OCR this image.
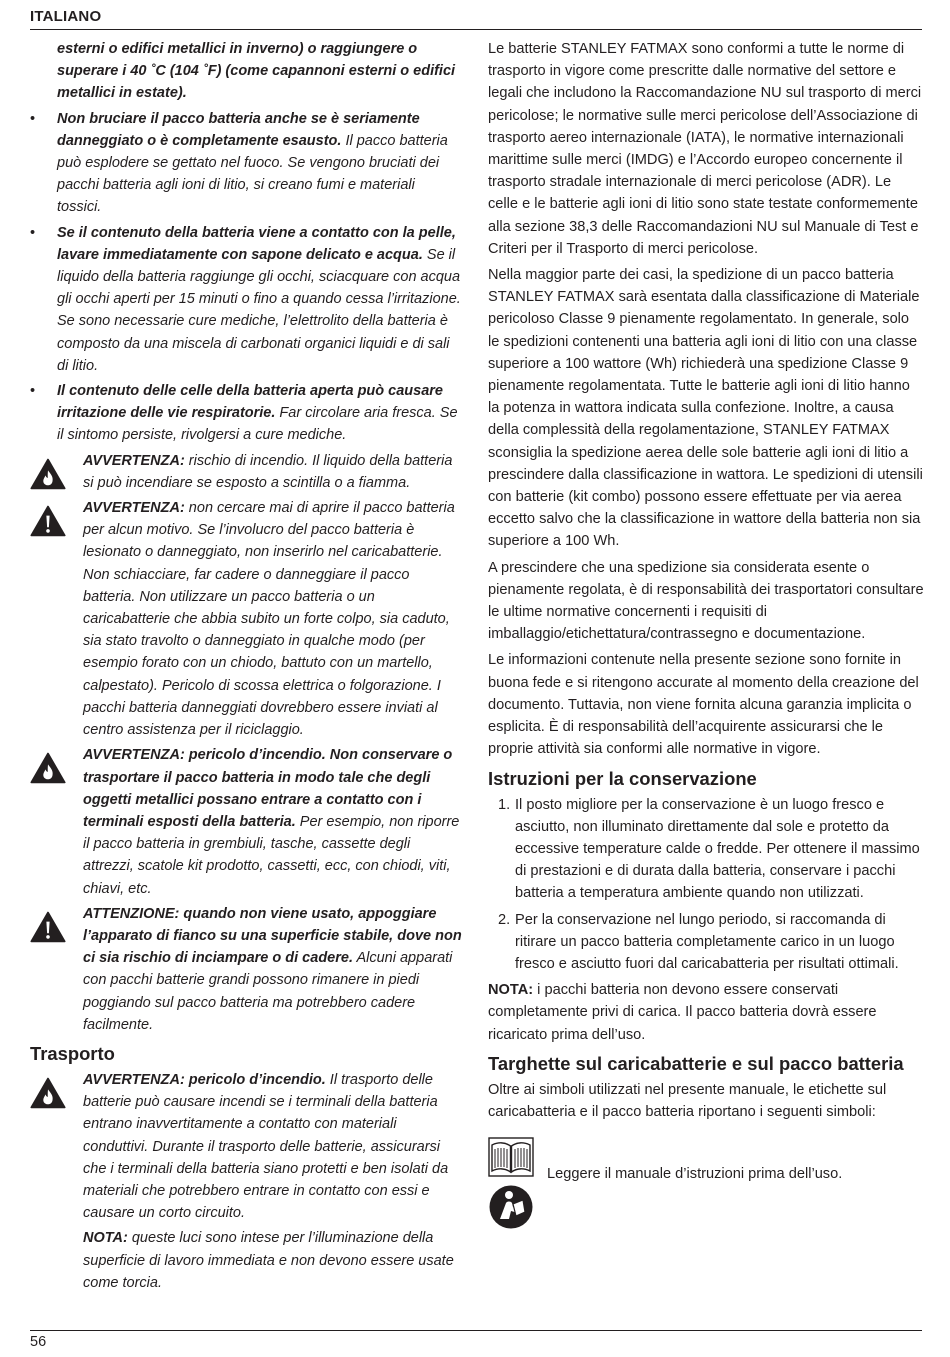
ITALIANO

esterni o edifici metallici in inverno) o raggiungere o superare i 40 ˚C (104 ˚F) (come capannoni esterni o edifici metallici in estate).

• Non bruciare il pacco batteria anche se è seriamente danneggiato o è completamente esausto. Il pacco batteria può esplodere se gettato nel fuoco. Se vengono bruciati dei pacchi batteria agli ioni di litio, si creano fumi e materiali tossici.
• Se il contenuto della batteria viene a contatto con la pelle, lavare immediatamente con sapone delicato e acqua. Se il liquido della batteria raggiunge gli occhi, sciacquare con acqua gli occhi aperti per 15 minuti o fino a quando cessa l’irritazione. Se sono necessarie cure mediche, l’elettrolito della batteria è composto da una miscela di carbonati organici liquidi e di sali di litio.
• Il contenuto delle celle della batteria aperta può causare irritazione delle vie respiratorie. Far circolare aria fresca. Se il sintomo persiste, rivolgersi a cure mediche.
AVVERTENZA: rischio di incendio. Il liquido della batteria si può incendiare se esposto a scintilla o a fiamma.
AVVERTENZA: non cercare mai di aprire il pacco batteria per alcun motivo. Se l’involucro del pacco batteria è lesionato o danneggiato, non inserirlo nel caricabatterie. Non schiacciare, far cadere o danneggiare il pacco batteria. Non utilizzare un pacco batteria o un caricabatterie che abbia subito un forte colpo, sia caduto, sia stato travolto o danneggiato in qualche modo (per esempio forato con un chiodo, battuto con un martello, calpestato). Pericolo di scossa elettrica o folgorazione. I pacchi batteria danneggiati dovrebbero essere inviati al centro assistenza per il riciclaggio.
AVVERTENZA: pericolo d’incendio. Non conservare o trasportare il pacco batteria in modo tale che degli oggetti metallici possano entrare a contatto con i terminali esposti della batteria. Per esempio, non riporre il pacco batteria in grembiuli, tasche, cassette degli attrezzi, scatole kit prodotto, cassetti, ecc, con chiodi, viti, chiavi, etc.
ATTENZIONE: quando non viene usato, appoggiare l’apparato di fianco su una superficie stabile, dove non ci sia rischio di inciampare o di cadere. Alcuni apparati con pacchi batterie grandi possono rimanere in piedi poggiando sul pacco batteria ma potrebbero cadere facilmente.
Trasporto
AVVERTENZA: pericolo d’incendio. Il trasporto delle batterie può causare incendi se i terminali della batteria entrano inavvertitamente a contatto con materiali conduttivi. Durante il trasporto delle batterie, assicurarsi che i terminali della batteria siano protetti e ben isolati da materiali che potrebbero entrare in contatto con essi e causare un corto circuito.

NOTA: queste luci sono intese per l’illuminazione della superficie di lavoro immediata e non devono essere usate come torcia.

Le batterie STANLEY FATMAX sono conformi a tutte le norme di trasporto in vigore come prescritte dalle normative del settore e legali che includono la Raccomandazione NU sul trasporto di merci pericolose; le normative sulle merci pericolose dell’Associazione di trasporto aereo internazionale (IATA), le normative internazionali marittime sulle merci (IMDG) e l’Accordo europeo concernente il trasporto stradale internazionale di merci pericolose (ADR). Le celle e le batterie agli ioni di litio sono state testate conformemente alla sezione 38,3 delle Raccomandazioni NU sul Manuale di Test e Criteri per il Trasporto di merci pericolose.

Nella maggior parte dei casi, la spedizione di un pacco batteria STANLEY FATMAX sarà esentata dalla classificazione di Materiale pericoloso Classe 9 pienamente regolamentato. In generale, solo le spedizioni contenenti una batteria agli ioni di litio con una classe superiore a 100 wattore (Wh) richiederà una spedizione Classe 9 pienamente regolamentata. Tutte le batterie agli ioni di litio hanno la potenza in wattora indicata sulla confezione. Inoltre, a causa della complessità della regolamentazione, STANLEY FATMAX sconsiglia la spedizione aerea delle sole batterie agli ioni di litio a prescindere dalla classificazione in wattora. Le spedizioni di utensili con batterie (kit combo) possono essere effettuate per via aerea eccetto salvo che la classificazione in wattore della batteria non sia superiore a 100 Wh.

A prescindere che una spedizione sia considerata esente o pienamente regolata, è di responsabilità dei trasportatori consultare le ultime normative concernenti i requisiti di imballaggio/etichettatura/contrassegno e documentazione.

Le informazioni contenute nella presente sezione sono fornite in buona fede e si ritengono accurate al momento della creazione del documento. Tuttavia, non viene fornita alcuna garanzia implicita o esplicita. È di responsabilità dell’acquirente assicurarsi che le proprie attività sia conformi alle normative in vigore.

Istruzioni per la conservazione
1. Il posto migliore per la conservazione è un luogo fresco e asciutto, non illuminato direttamente dal sole e protetto da eccessive temperature calde o fredde. Per ottenere il massimo di prestazioni e di durata dalla batteria, conservare i pacchi batteria a temperatura ambiente quando non utilizzati.
2. Per la conservazione nel lungo periodo, si raccomanda di ritirare un pacco batteria completamente carico in un luogo fresco e asciutto fuori dal caricabatteria per risultati ottimali.

NOTA: i pacchi batteria non devono essere conservati completamente privi di carica. Il pacco batteria dovrà essere ricaricato prima dell’uso.

Targhette sul caricabatterie e sul pacco batteria

Oltre ai simboli utilizzati nel presente manuale, le etichette sul caricabatteria e il pacco batteria riportano i seguenti simboli:

Leggere il manuale d’istruzioni prima dell’uso.
56
